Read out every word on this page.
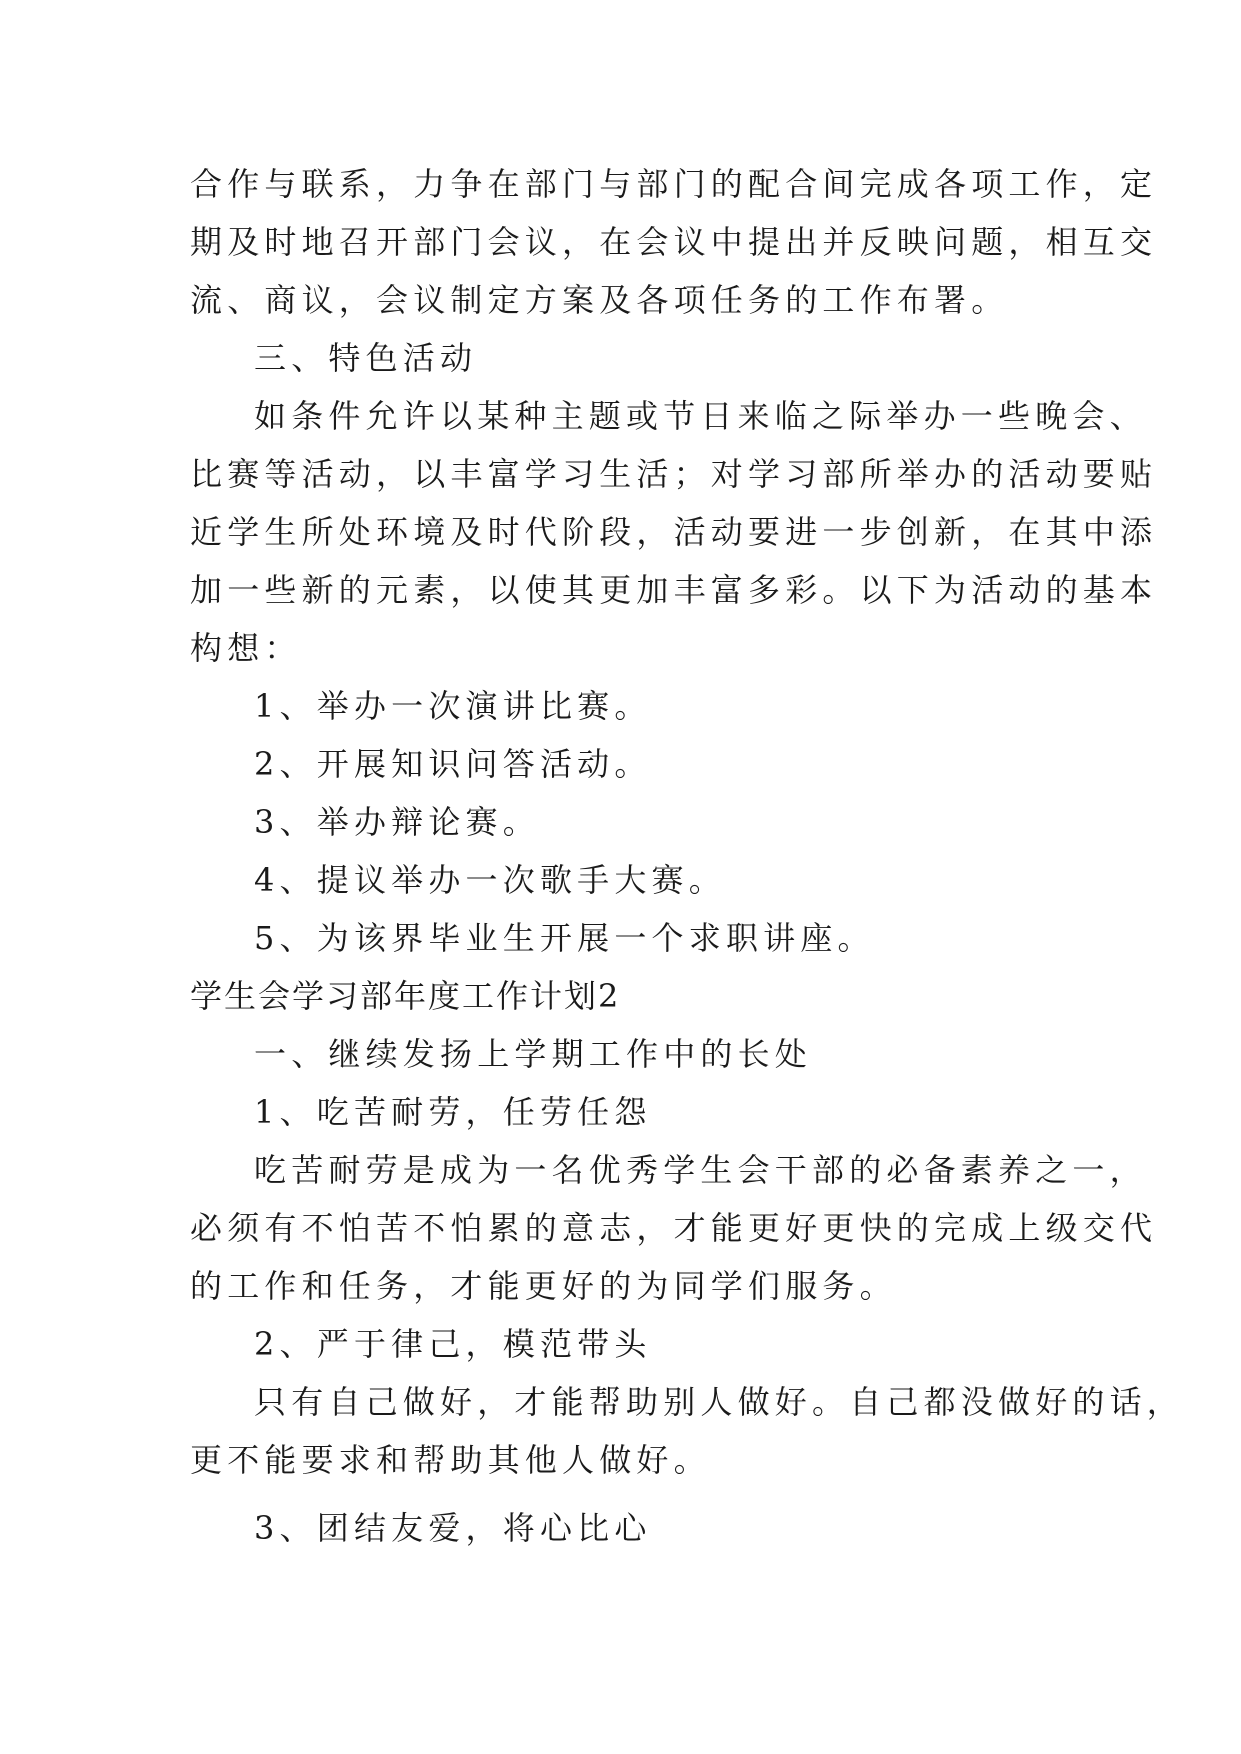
合作与联系，力争在部门与部门的配合间完成各项工作，定

期及时地召开部门会议，在会议中提出并反映问题，相互交

流、商议，会议制定方案及各项任务的工作布署。

三、特色活动

如条件允许以某种主题或节日来临之际举办一些晚会、

比赛等活动，以丰富学习生活；对学习部所举办的活动要贴

近学生所处环境及时代阶段，活动要进一步创新，在其中添

加一些新的元素，以使其更加丰富多彩。以下为活动的基本

构想：

1、举办一次演讲比赛。

2、开展知识问答活动。

3、举办辩论赛。

4、提议举办一次歌手大赛。

5、为该界毕业生开展一个求职讲座。

学生会学习部年度工作计划2

一、继续发扬上学期工作中的长处

1、吃苦耐劳，任劳任怨

吃苦耐劳是成为一名优秀学生会干部的必备素养之一，

必须有不怕苦不怕累的意志，才能更好更快的完成上级交代

的工作和任务，才能更好的为同学们服务。

2、严于律己，模范带头

只有自己做好，才能帮助别人做好。自己都没做好的话，

更不能要求和帮助其他人做好。

3、团结友爱，将心比心
